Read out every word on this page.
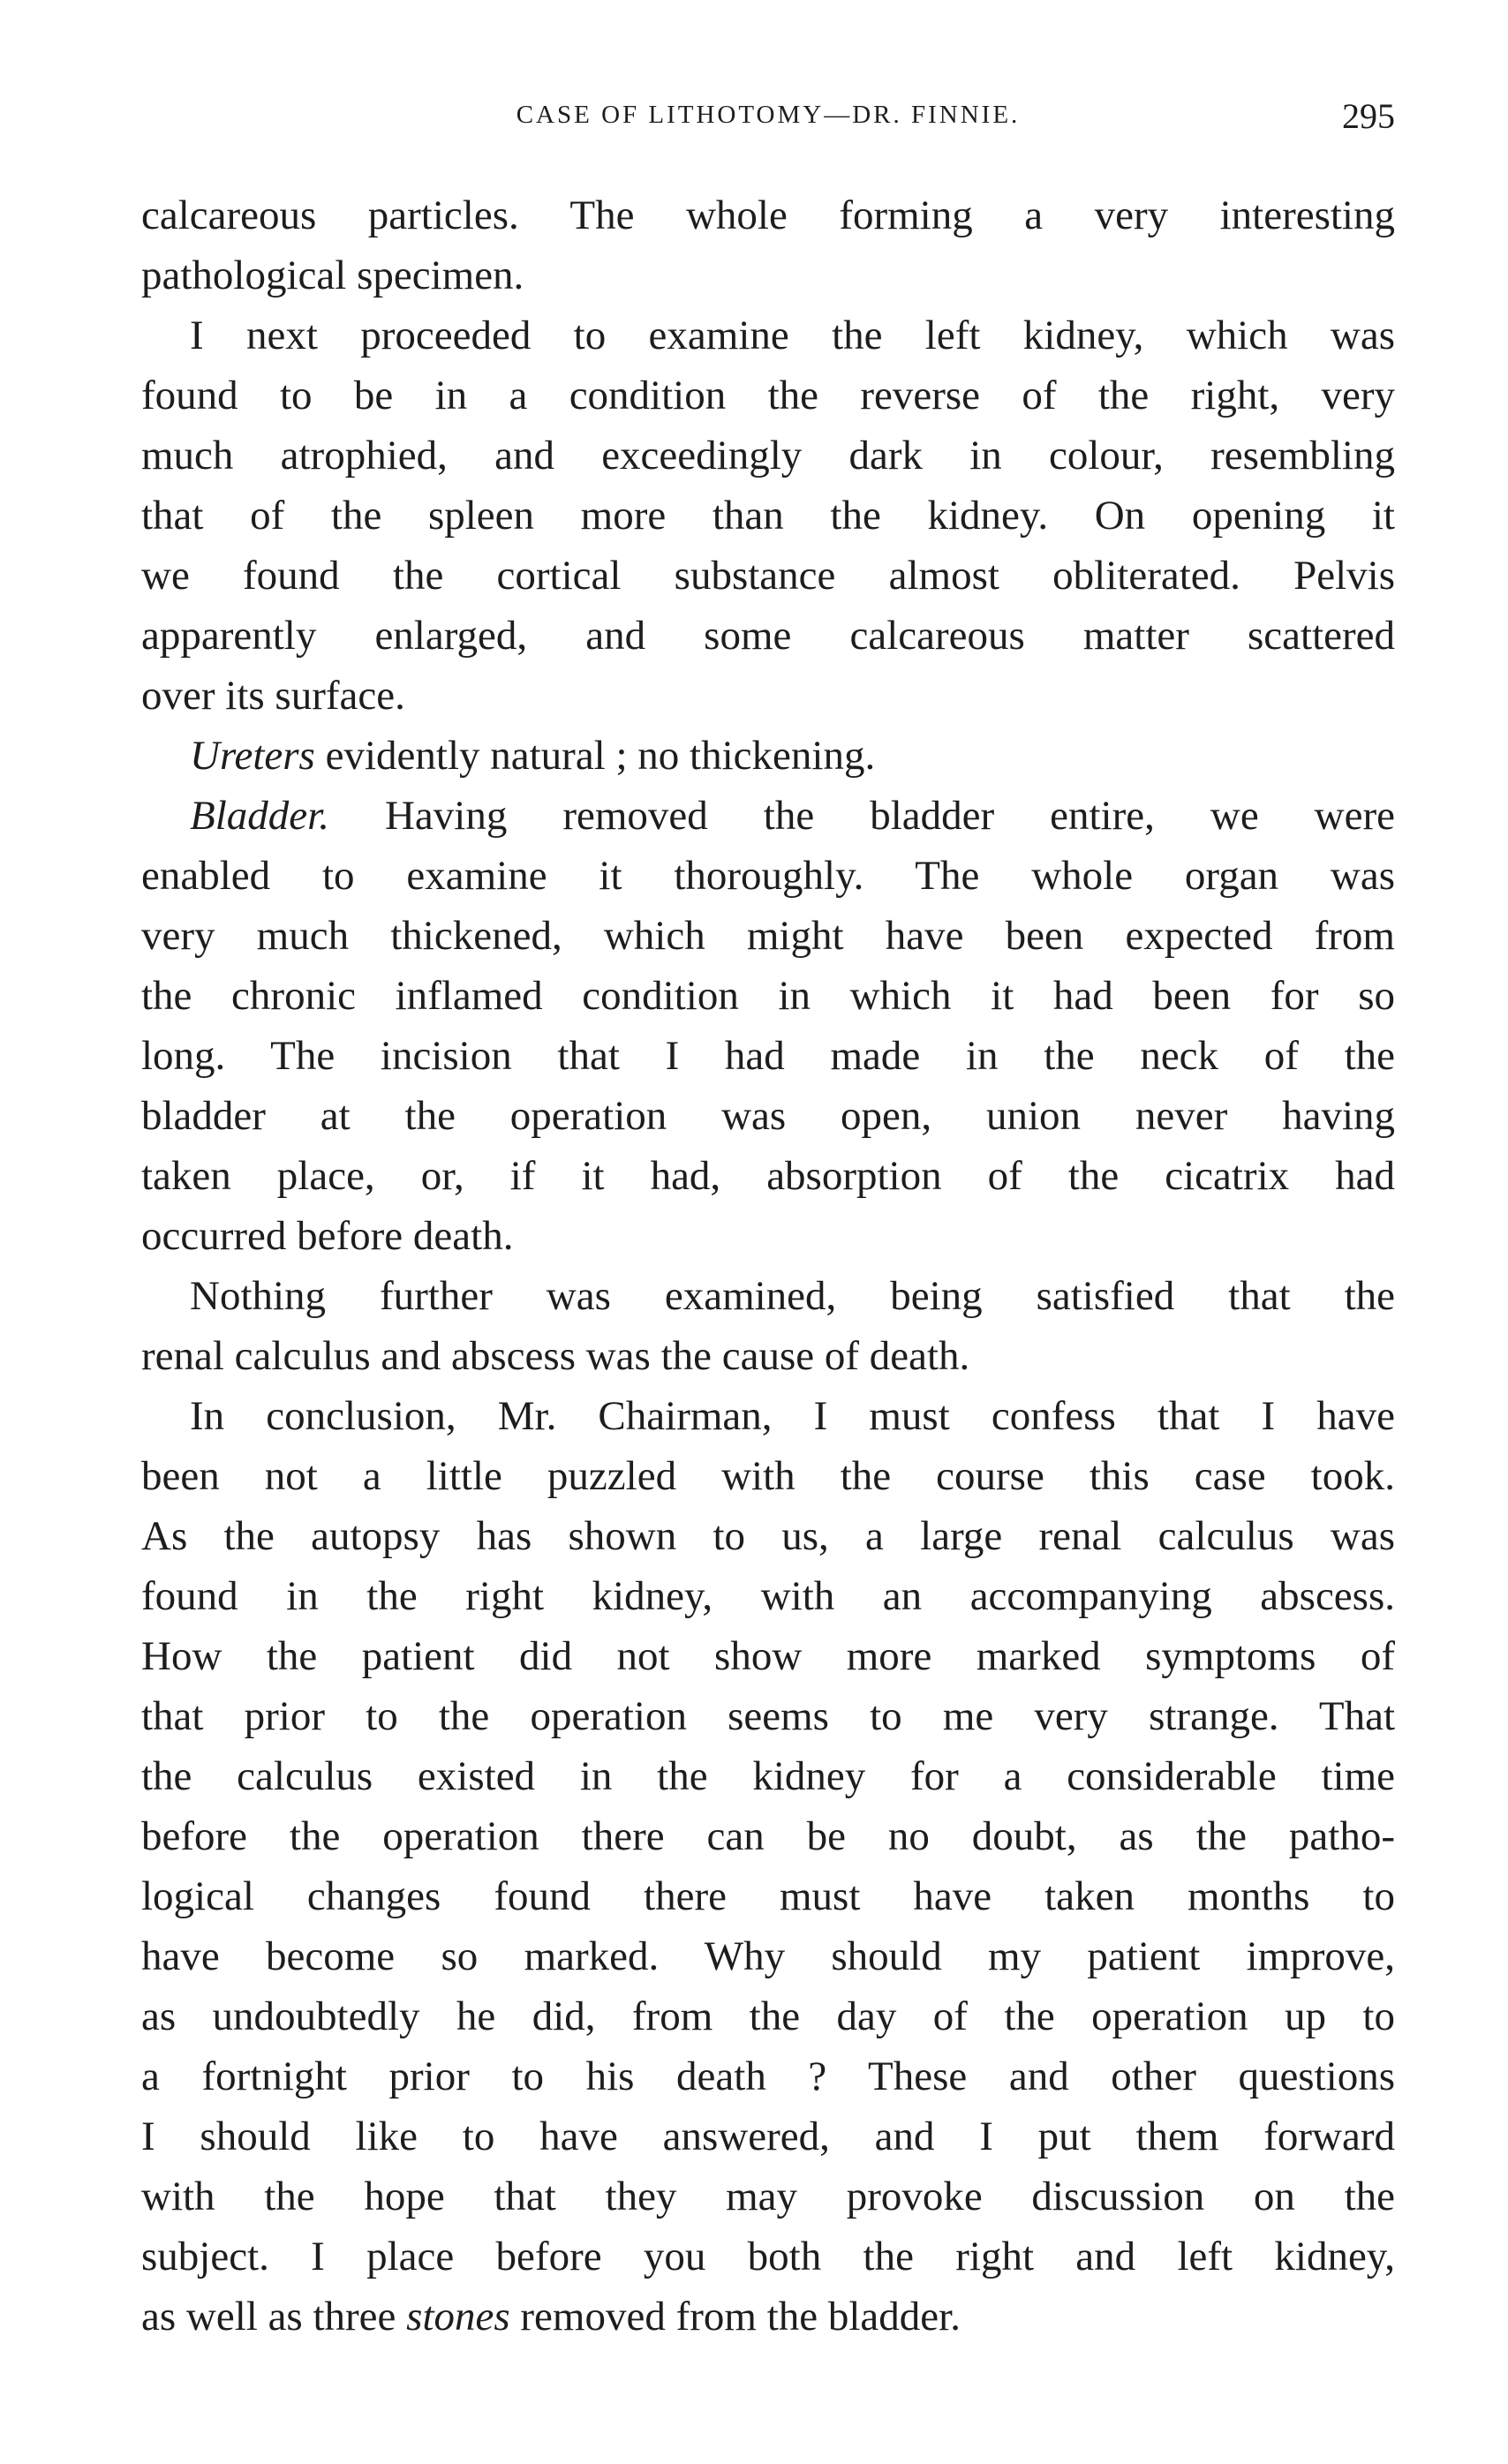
CASE OF LITHOTOMY—DR. FINNIE.	295
calcareous particles. The whole forming a very interesting
pathological specimen.
I next proceeded to examine the left kidney, which was
found to be in a condition the reverse of the right, very
much atrophied, and exceedingly dark in colour, resembling
that of the spleen more than the kidney. On opening it
we found the cortical substance almost obliterated. Pelvis
apparently enlarged, and some calcareous matter scattered
over its surface.
Ureters evidently natural ; no thickening.
Bladder. Having removed the bladder entire, we were
enabled to examine it thoroughly. The whole organ was
very much thickened, which might have been expected from
the chronic inflamed condition in which it had been for so
long. The incision that I had made in the neck of the
bladder at the operation was open, union never having
taken place, or, if it had, absorption of the cicatrix had
occurred before death.
Nothing further was examined, being satisfied that the
renal calculus and abscess was the cause of death.
In conclusion, Mr. Chairman, I must confess that I have
been not a little puzzled with the course this case took.
As the autopsy has shown to us, a large renal calculus was
found in the right kidney, with an accompanying abscess.
How the patient did not show more marked symptoms of
that prior to the operation seems to me very strange. That
the calculus existed in the kidney for a considerable time
before the operation there can be no doubt, as the patho-
logical changes found there must have taken months to
have become so marked. Why should my patient improve,
as undoubtedly he did, from the day of the operation up to
a fortnight prior to his death ? These and other questions
I should like to have answered, and I put them forward
with the hope that they may provoke discussion on the
subject. I place before you both the right and left kidney,
as well as three stones removed from the bladder.
